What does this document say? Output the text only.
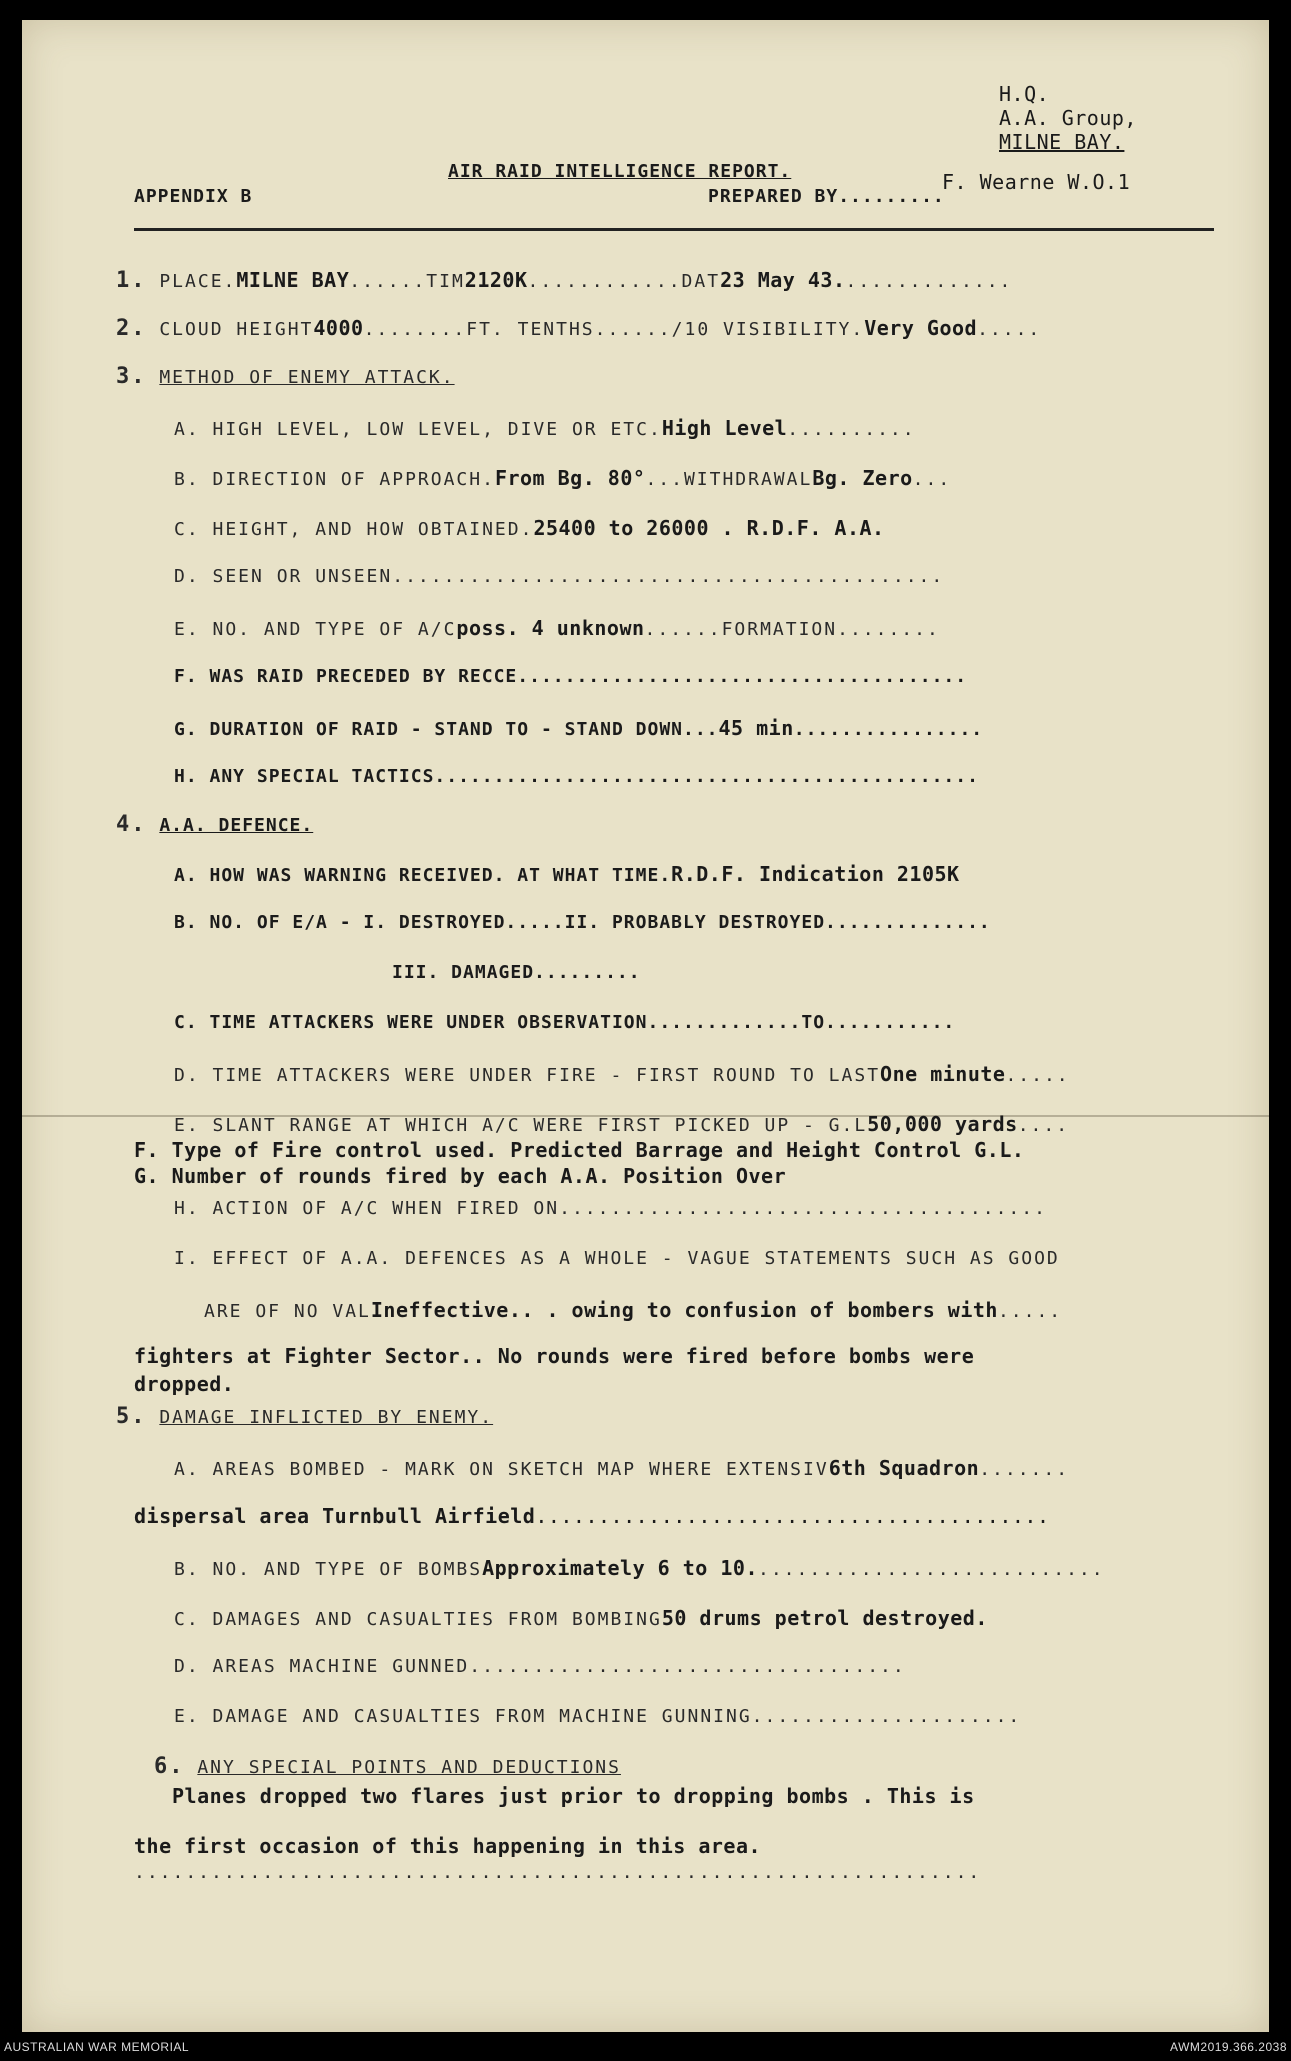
H.Q.
A.A. Group,
MILNE BAY.
APPENDIX B
AIR RAID INTELLIGENCE REPORT.
PREPARED BY.........
F. Wearne W.O.1
1. PLACE.MILNE BAY......TIM2120K............DAT23 May 43..............
2. CLOUD HEIGHT4000........FT. TENTHS....../10 VISIBILITY.Very Good.....
3. METHOD OF ENEMY ATTACK.
A. HIGH LEVEL, LOW LEVEL, DIVE OR ETC.High Level..........
B. DIRECTION OF APPROACH.From Bg. 80°...WITHDRAWALBg. Zero...
C. HEIGHT, AND HOW OBTAINED.25400 to 26000 . R.D.F. A.A.
D. SEEN OR UNSEEN...........................................
E. NO. AND TYPE OF A/Cposs. 4 unknown......FORMATION........
F. WAS RAID PRECEDED BY RECCE......................................
G. DURATION OF RAID - STAND TO - STAND DOWN...45 min................
H. ANY SPECIAL TACTICS..............................................
4. A.A. DEFENCE.
A. HOW WAS WARNING RECEIVED. AT WHAT TIME.R.D.F. Indication 2105K
B. NO. OF E/A - I. DESTROYED.....II. PROBABLY DESTROYED..............
III. DAMAGED.........
C. TIME ATTACKERS WERE UNDER OBSERVATION.............TO...........
D. TIME ATTACKERS WERE UNDER FIRE - FIRST ROUND TO LASTOne minute.....
E. SLANT RANGE AT WHICH A/C WERE FIRST PICKED UP - G.L50,000 yards....
F. Type of Fire control used. Predicted Barrage and Height Control G.L.
G. Number of rounds fired by each A.A. Position Over
H. ACTION OF A/C WHEN FIRED ON......................................
I. EFFECT OF A.A. DEFENCES AS A WHOLE - VAGUE STATEMENTS SUCH AS GOOD
ARE OF NO VALIneffective.. . owing to confusion of bombers with.....
fighters at Fighter Sector.. No rounds were fired before bombs were
dropped.
5. DAMAGE INFLICTED BY ENEMY.
A. AREAS BOMBED - MARK ON SKETCH MAP WHERE EXTENSIV6th Squadron.......
dispersal area Turnbull Airfield.........................................
B. NO. AND TYPE OF BOMBSApproximately 6 to 10............................
C. DAMAGES AND CASUALTIES FROM BOMBING50 drums petrol destroyed.
D. AREAS MACHINE GUNNED..................................
E. DAMAGE AND CASUALTIES FROM MACHINE GUNNING.....................
6. ANY SPECIAL POINTS AND DEDUCTIONS
Planes dropped two flares just prior to dropping bombs . This is
the first occasion of this happening in this area.
..................................................................
AUSTRALIAN WAR MEMORIAL	AWM2019.366.2038
